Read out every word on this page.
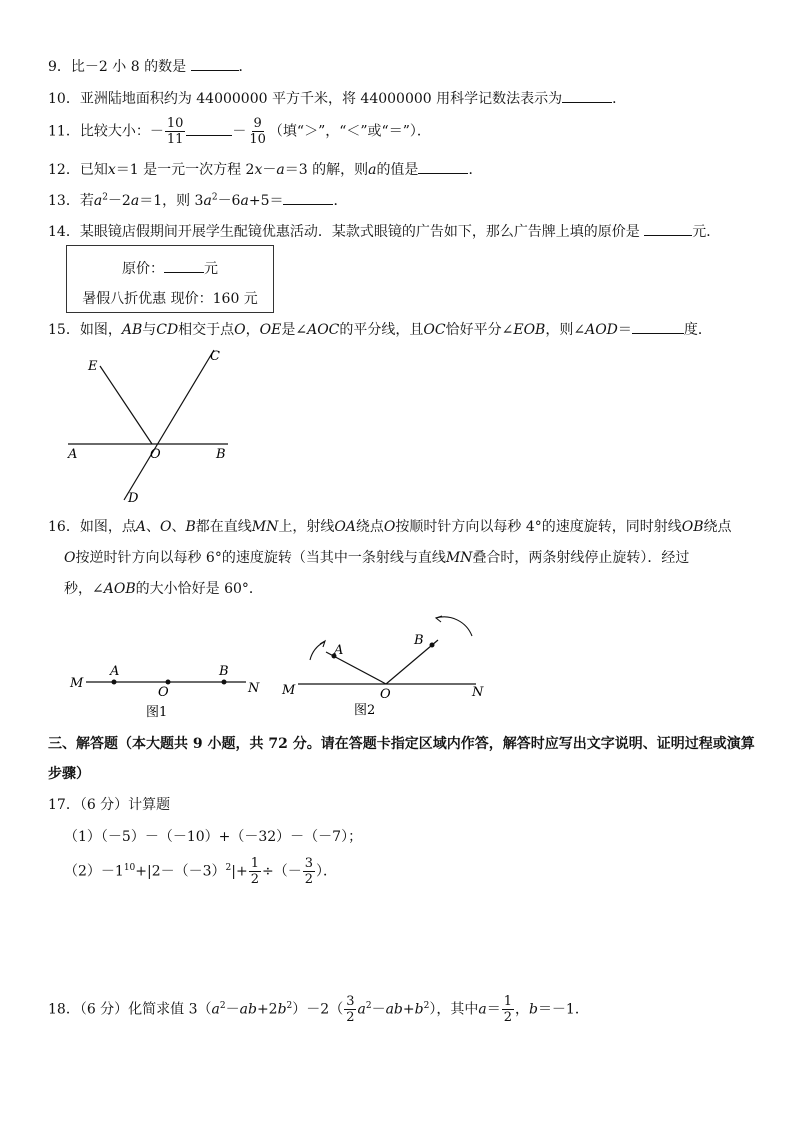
9．比－2 小 8 的数是	．
10．亚洲陆地面积约为 44000000 平方千米，将 44000000 用科学记数法表示为	．
11．比较大小：－ $\frac{10}{11}$	－ $\frac{9}{10}$ （填“＞”，“＜”或“＝”）．
12．已知x＝1 是一元一次方程 2x－a＝3 的解，则a的值是	．
13．若$a^2-2a=1$，则 $3a^2-6a+5=$	．
14．某眼镜店假期间开展学生配镜优惠活动．某款式眼镜的广告如下，那么广告牌上填的原价是	元．
原价：	元
暑假八折优惠 现价：160 元
15．如图，AB与CD相交于点O，OE是∠AOC的平分线，且OC恰好平分∠EOB，则∠AOD＝	度．
E
C
A	O	B
D
16．如图，点A、O、B都在直线MN上，射线OA绕点O按顺时针方向以每秒 4°的速度旋转，同时射线OB绕点
O按逆时针方向以每秒 6°的速度旋转（当其中一条射线与直线MN叠合时，两条射线停止旋转）．经过
秒，∠AOB的大小恰好是 60°．
M
A
O
B
N
图1
M
A
O
B
N
图2
三、解答题（本大题共 9 小题，共 72 分。请在答题卡指定区域内作答，解答时应写出文字说明、证明过程或演算
步骤）
17．（6 分）计算题
（1）（－5）－（－10）+（－32）－（－7）；
$(2)-1^{10}+|2-(-3)^2|+ \frac{1}{2}$ ÷（－ $\frac{3}{2}$ ）．
18．（6 分）化简求值 $3(a^2-ab+2b^2)-2( \frac{3}{2} a^2-ab+b^2)$，其中$a= \frac{1}{2}$ ，b＝－1．
